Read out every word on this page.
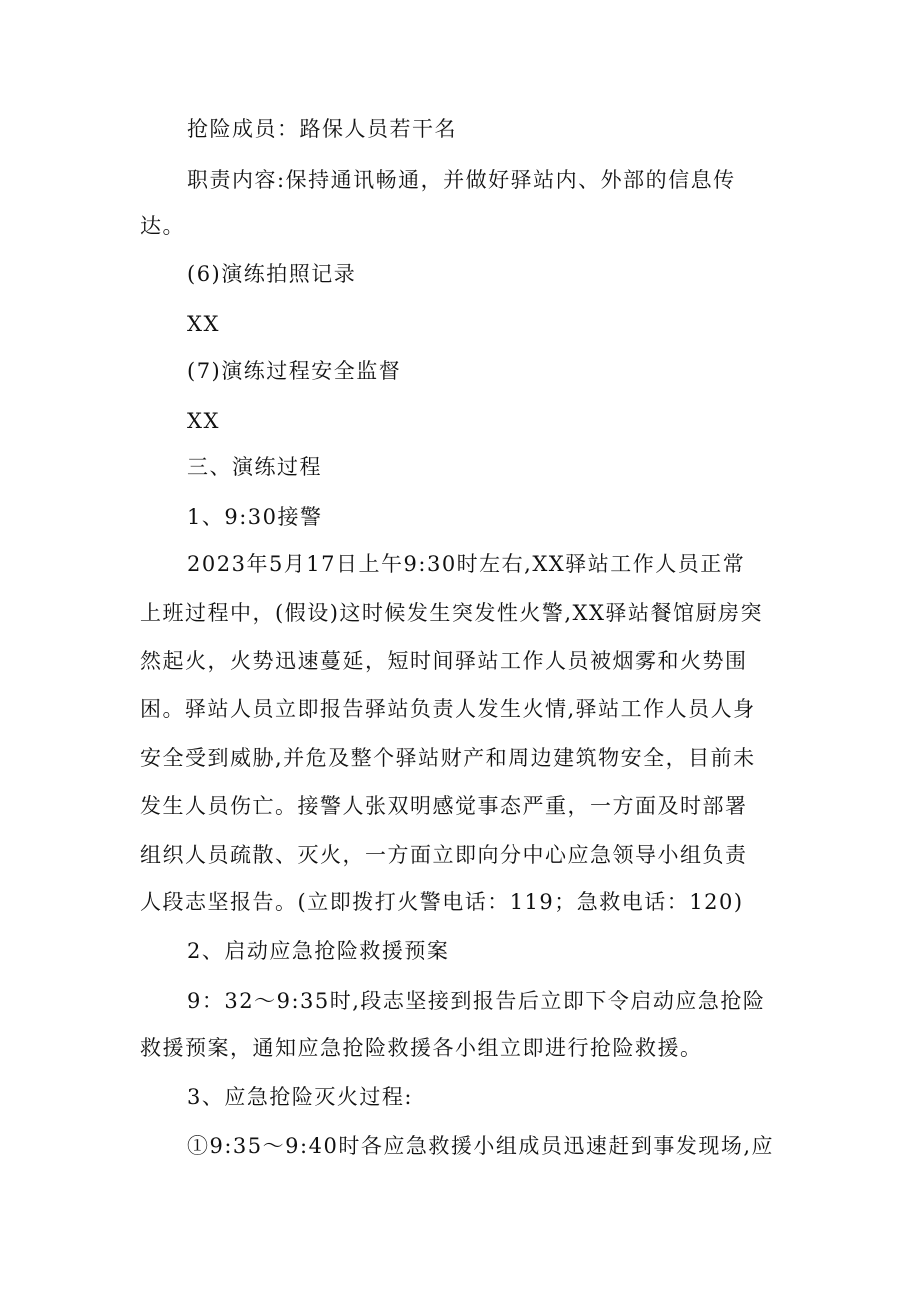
抢险成员：路保人员若干名
职责内容:保持通讯畅通，并做好驿站内、外部的信息传
达。
(6)演练拍照记录
XX
(7)演练过程安全监督
XX
三、演练过程
1、9:30接警
2023年5月17日上午9:30时左右,XX驿站工作人员正常
上班过程中，(假设)这时候发生突发性火警,XX驿站餐馆厨房突
然起火，火势迅速蔓延，短时间驿站工作人员被烟雾和火势围
困。驿站人员立即报告驿站负责人发生火情,驿站工作人员人身
安全受到威胁,并危及整个驿站财产和周边建筑物安全，目前未
发生人员伤亡。接警人张双明感觉事态严重，一方面及时部署
组织人员疏散、灭火，一方面立即向分中心应急领导小组负责
人段志坚报告。(立即拨打火警电话：119；急救电话：120)
2、启动应急抢险救援预案
9：32～9:35时,段志坚接到报告后立即下令启动应急抢险
救援预案，通知应急抢险救援各小组立即进行抢险救援。
3、应急抢险灭火过程:
①9:35～9:40时各应急救援小组成员迅速赶到事发现场,应
